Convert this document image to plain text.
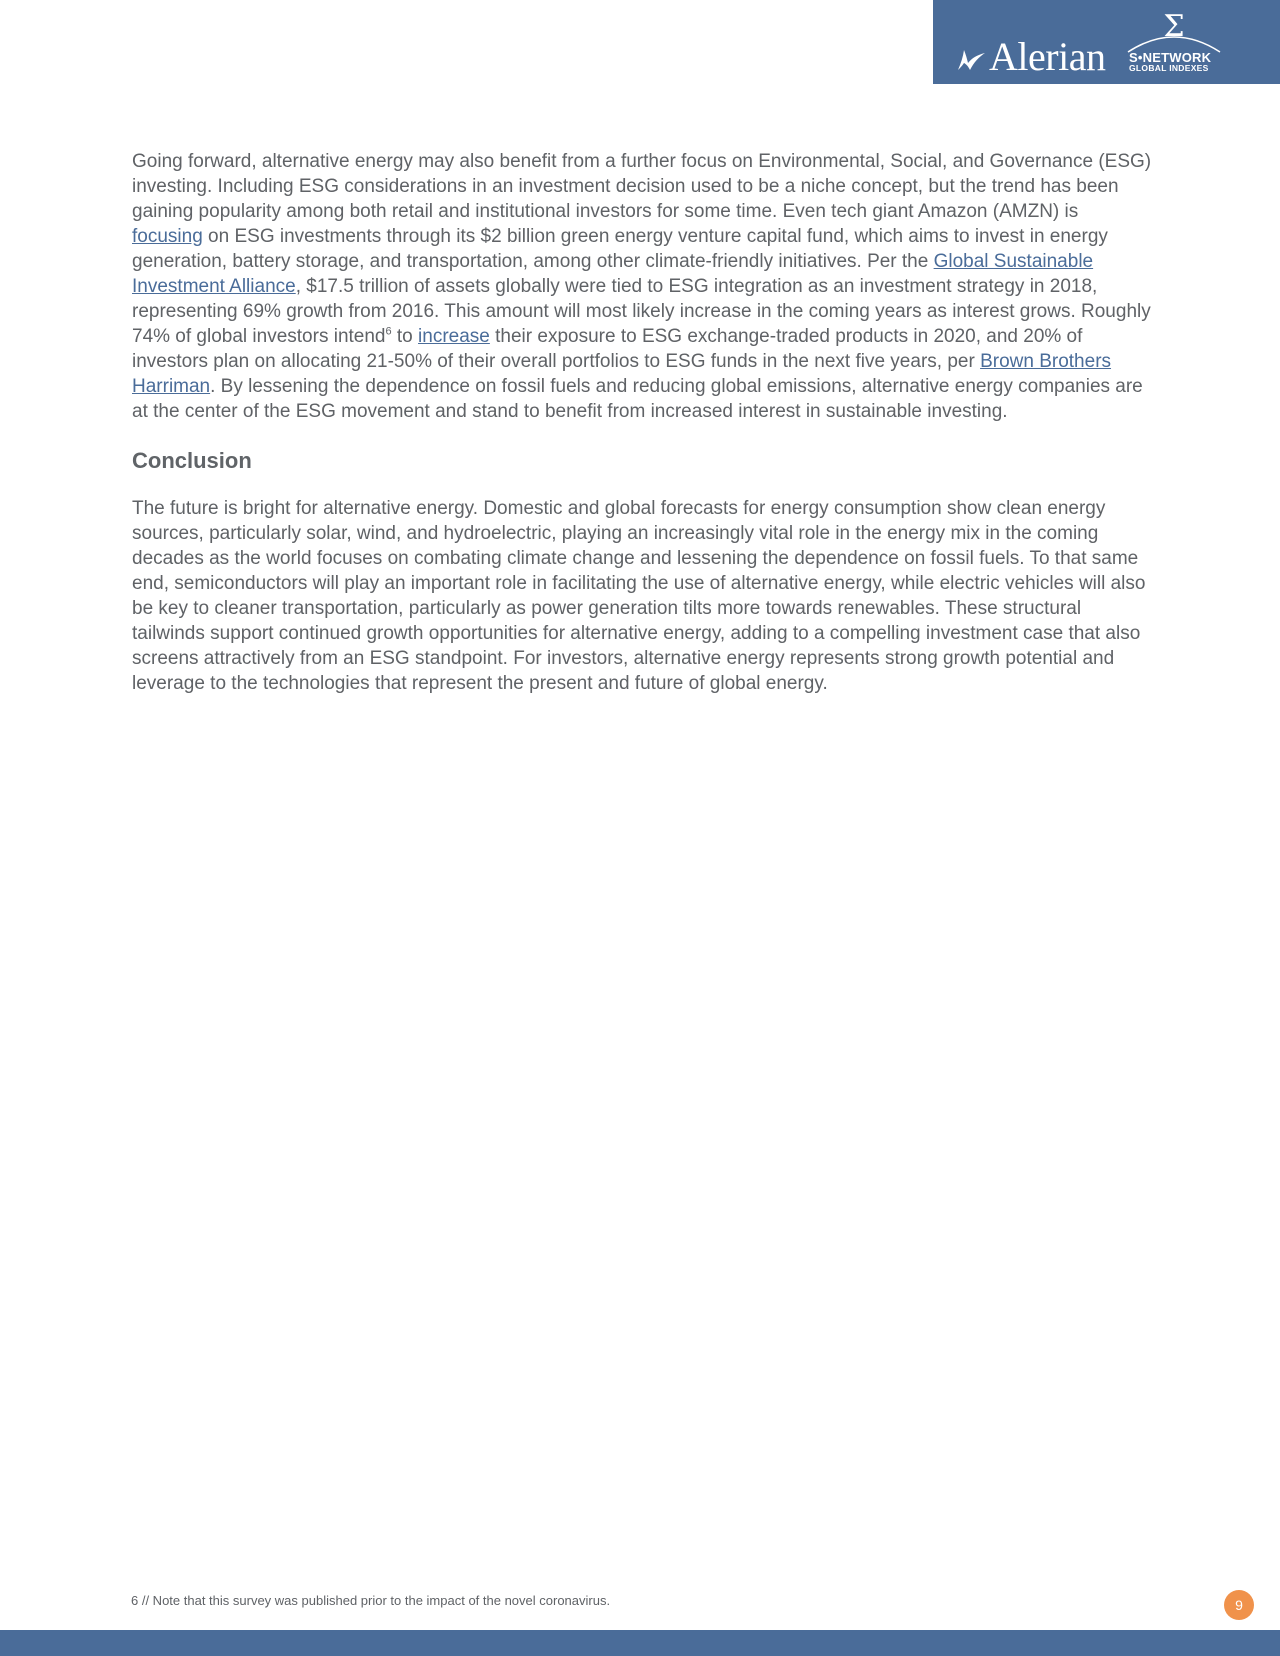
Alerian
Σ
S•NETWORK
GLOBAL INDEXES

Going forward, alternative energy may also benefit from a further focus on Environmental, Social, and Governance (ESG) investing. Including ESG considerations in an investment decision used to be a niche concept, but the trend has been gaining popularity among both retail and institutional investors for some time. Even tech giant Amazon (AMZN) is focusing on ESG investments through its $2 billion green energy venture capital fund, which aims to invest in energy generation, battery storage, and transportation, among other climate-friendly initiatives. Per the Global Sustainable Investment Alliance, $17.5 trillion of assets globally were tied to ESG integration as an investment strategy in 2018, representing 69% growth from 2016. This amount will most likely increase in the coming years as interest grows. Roughly 74% of global investors intend$^6$ to increase their exposure to ESG exchange-traded products in 2020, and 20% of investors plan on allocating 21-50% of their overall portfolios to ESG funds in the next five years, per Brown Brothers Harriman. By lessening the dependence on fossil fuels and reducing global emissions, alternative energy companies are at the center of the ESG movement and stand to benefit from increased interest in sustainable investing.

Conclusion

The future is bright for alternative energy. Domestic and global forecasts for energy consumption show clean energy sources, particularly solar, wind, and hydroelectric, playing an increasingly vital role in the energy mix in the coming decades as the world focuses on combating climate change and lessening the dependence on fossil fuels. To that same end, semiconductors will play an important role in facilitating the use of alternative energy, while electric vehicles will also be key to cleaner transportation, particularly as power generation tilts more towards renewables. These structural tailwinds support continued growth opportunities for alternative energy, adding to a compelling investment case that also screens attractively from an ESG standpoint. For investors, alternative energy represents strong growth potential and leverage to the technologies that represent the present and future of global energy.

6 // Note that this survey was published prior to the impact of the novel coronavirus.	9
